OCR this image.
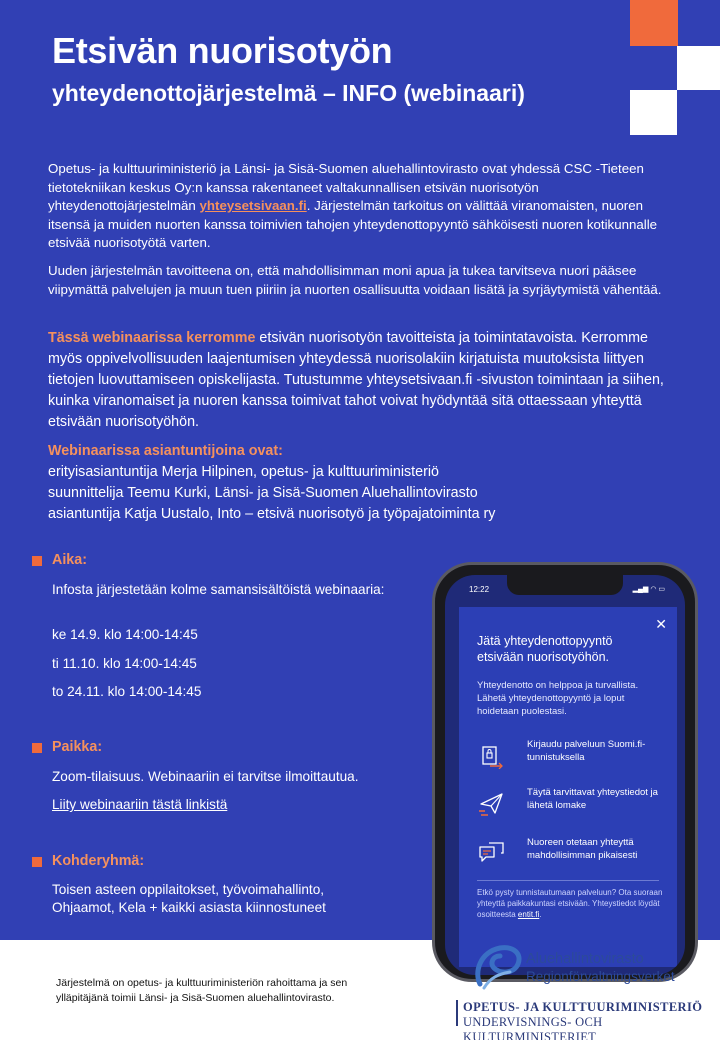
Etsivän nuorisotyön
yhteydenottojärjestelmä – INFO (webinaari)

Opetus- ja kulttuuriministeriö ja Länsi- ja Sisä-Suomen aluehallintovirasto ovat yhdessä CSC -Tieteen tietotekniikan keskus Oy:n kanssa rakentaneet valtakunnallisen etsivän nuorisotyön yhteydenottojärjestelmän yhteysetsivaan.fi. Järjestelmän tarkoitus on välittää viranomaisten, nuoren itsensä ja muiden nuorten kanssa toimivien tahojen yhteydenottopyyntö sähköisesti nuoren kotikunnalle etsivää nuorisotyötä varten.

Uuden järjestelmän tavoitteena on, että mahdollisimman moni apua ja tukea tarvitseva nuori pääsee viipymättä palvelujen ja muun tuen piiriin ja nuorten osallisuutta voidaan lisätä ja syrjäytymistä vähentää.

Tässä webinaarissa kerromme etsivän nuorisotyön tavoitteista ja toimintatavoista. Kerromme myös oppivelvollisuuden laajentumisen yhteydessä nuorisolakiin kirjatuista muutoksista liittyen tietojen luovuttamiseen opiskelijasta. Tutustumme yhteysetsivaan.fi -sivuston toimintaan ja siihen, kuinka viranomaiset ja nuoren kanssa toimivat tahot voivat hyödyntää sitä ottaessaan yhteyttä etsivään nuorisotyöhön.

Webinaarissa asiantuntijoina ovat:
erityisasiantuntija Merja Hilpinen, opetus- ja kulttuuriministeriö
suunnittelija Teemu Kurki, Länsi- ja Sisä-Suomen Aluehallintovirasto
asiantuntija Katja Uustalo, Into – etsivä nuorisotyö ja työpajatoiminta ry
Aika:
Infosta järjestetään kolme samansisältöistä webinaaria:
ke 14.9. klo 14:00-14:45
ti 11.10. klo 14:00-14:45
to 24.11. klo 14:00-14:45
Paikka:
Zoom-tilaisuus. Webinaariin ei tarvitse ilmoittautua.
Liity webinaariin tästä linkistä
Kohderyhmä:
Toisen asteen oppilaitokset, työvoimahallinto, Ohjaamot, Kela + kaikki asiasta kiinnostuneet
12:22	▂▄▆ ◠ ▭
✕
Jätä yhteydenottopyyntö etsivään nuorisotyöhön.
Yhteydenotto on helppoa ja turvallista. Lähetä yhteydenottopyyntö ja loput hoidetaan puolestasi.
Kirjaudu palveluun Suomi.fi-tunnistuksella
Täytä tarvittavat yhteystiedot ja lähetä lomake
Nuoreen otetaan yhteyttä mahdollisimman pikaisesti
Etkö pysty tunnistautumaan palveluun? Ota suoraan yhteyttä paikkakuntasi etsivään. Yhteystiedot löydät osoitteesta entit.fi.

Järjestelmä on opetus- ja kulttuuriministeriön rahoittama ja sen ylläpitäjänä toimii Länsi- ja Sisä-Suomen aluehallintovirasto.

Aluehallintovirasto
Regionförvaltningsverket
OPETUS- JA KULTTUURIMINISTERIÖ
UNDERVISNINGS- OCH KULTURMINISTERIET
